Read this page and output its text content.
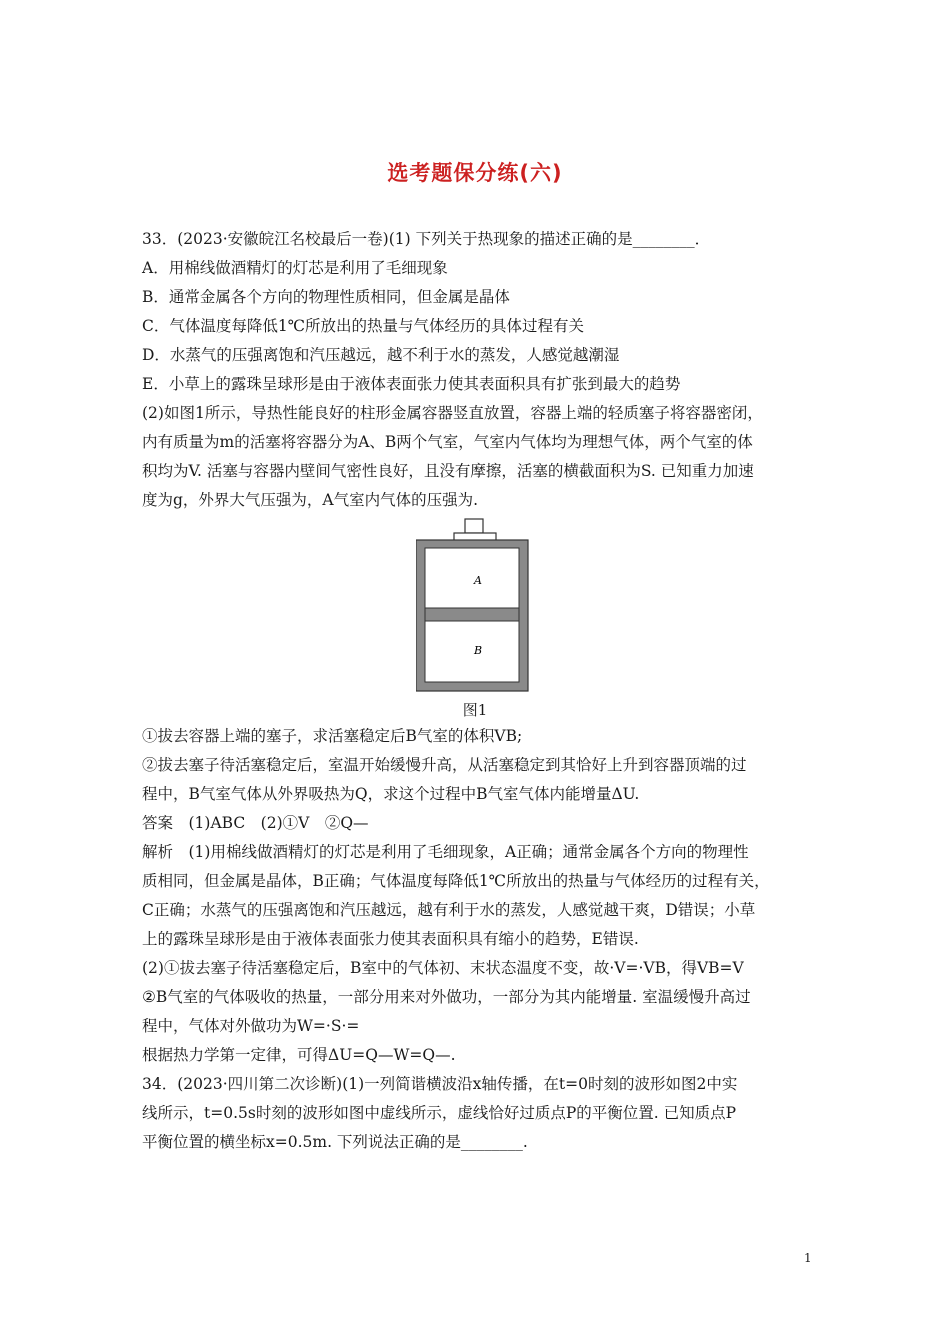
选考题保分练(六)
33．(2023·安徽皖江名校最后一卷)(1) 下列关于热现象的描述正确的是________．
A．用棉线做酒精灯的灯芯是利用了毛细现象
B．通常金属各个方向的物理性质相同，但金属是晶体
C．气体温度每降低1℃所放出的热量与气体经历的具体过程有关
D．水蒸气的压强离饱和汽压越远，越不利于水的蒸发，人感觉越潮湿
E．小草上的露珠呈球形是由于液体表面张力使其表面积具有扩张到最大的趋势
(2)如图1所示，导热性能良好的柱形金属容器竖直放置，容器上端的轻质塞子将容器密闭，
内有质量为m的活塞将容器分为A、B两个气室，气室内气体均为理想气体，两个气室的体
积均为V. 活塞与容器内壁间气密性良好，且没有摩擦，活塞的横截面积为S. 已知重力加速
度为g，外界大气压强为，A气室内气体的压强为.
A
B
图1
①拔去容器上端的塞子，求活塞稳定后B气室的体积VB;
②拔去塞子待活塞稳定后，室温开始缓慢升高，从活塞稳定到其恰好上升到容器顶端的过
程中，B气室气体从外界吸热为Q，求这个过程中B气室气体内能增量ΔU.
答案　(1)ABC　(2)①V　②Q—
解析　(1)用棉线做酒精灯的灯芯是利用了毛细现象，A正确；通常金属各个方向的物理性
质相同，但金属是晶体，B正确；气体温度每降低1℃所放出的热量与气体经历的过程有关，
C正确；水蒸气的压强离饱和汽压越远，越有利于水的蒸发，人感觉越干爽，D错误；小草
上的露珠呈球形是由于液体表面张力使其表面积具有缩小的趋势，E错误.
(2)①拔去塞子待活塞稳定后，B室中的气体初、末状态温度不变，故·V=·VB，得VB=V
②B气室的气体吸收的热量，一部分用来对外做功，一部分为其内能增量. 室温缓慢升高过
程中，气体对外做功为W=·S·=
根据热力学第一定律，可得ΔU=Q—W=Q—.
34．(2023·四川第二次诊断)(1)一列简谐横波沿x轴传播，在t=0时刻的波形如图2中实
线所示，t=0.5s时刻的波形如图中虚线所示，虚线恰好过质点P的平衡位置. 已知质点P
平衡位置的横坐标x=0.5m. 下列说法正确的是________.
1
